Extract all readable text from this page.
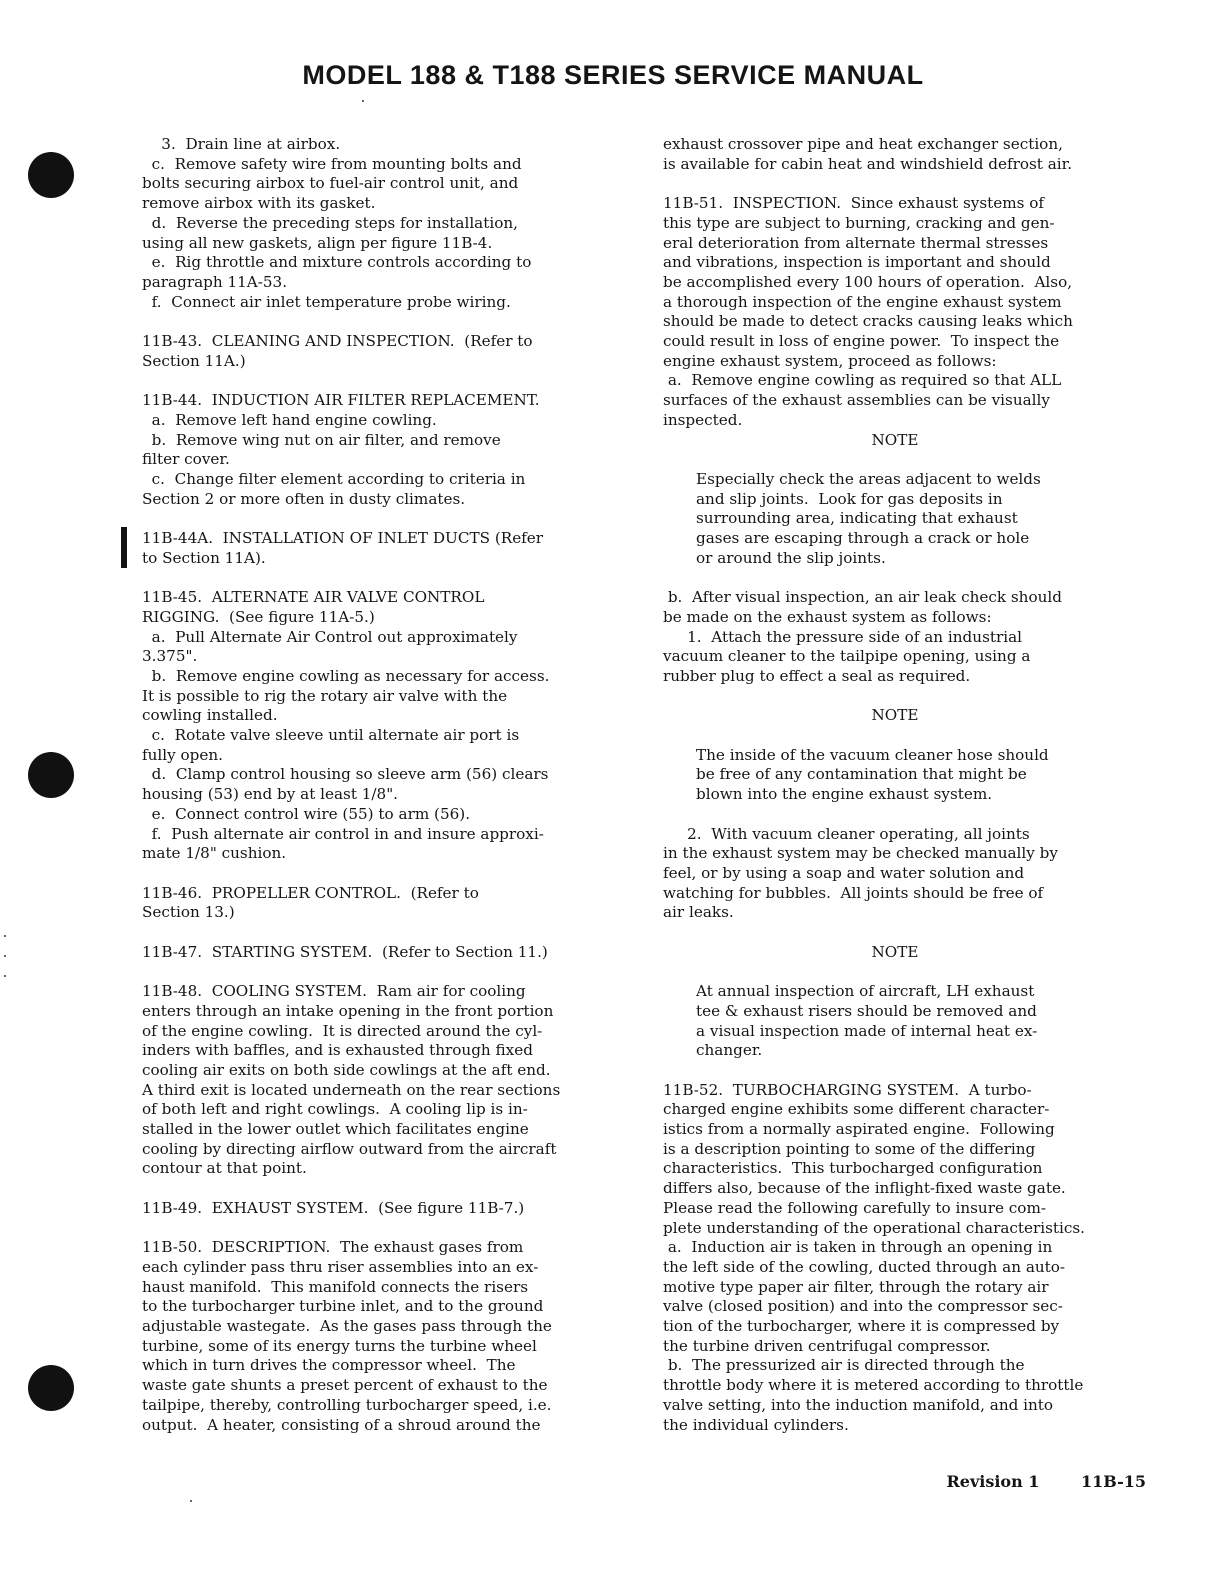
MODEL 188 & T188 SERIES SERVICE MANUAL
3.  Drain line at airbox.
c.  Remove safety wire from mounting bolts and
bolts securing airbox to fuel-air control unit, and
remove airbox with its gasket.
d.  Reverse the preceding steps for installation,
using all new gaskets, align per figure 11B-4.
e.  Rig throttle and mixture controls according to
paragraph 11A-53.
f.  Connect air inlet temperature probe wiring.
11B-43.  CLEANING AND INSPECTION.  (Refer to
Section 11A.)
11B-44.  INDUCTION AIR FILTER REPLACEMENT.
a.  Remove left hand engine cowling.
b.  Remove wing nut on air filter, and remove
filter cover.
c.  Change filter element according to criteria in
Section 2 or more often in dusty climates.
11B-44A.  INSTALLATION OF INLET DUCTS (Refer
to Section 11A).
11B-45.  ALTERNATE AIR VALVE CONTROL
RIGGING.  (See figure 11A-5.)
a.  Pull Alternate Air Control out approximately
3.375".
b.  Remove engine cowling as necessary for access.
It is possible to rig the rotary air valve with the
cowling installed.
c.  Rotate valve sleeve until alternate air port is
fully open.
d.  Clamp control housing so sleeve arm (56) clears
housing (53) end by at least 1/8".
e.  Connect control wire (55) to arm (56).
f.  Push alternate air control in and insure approxi-
mate 1/8" cushion.
11B-46.  PROPELLER CONTROL.  (Refer to
Section 13.)
11B-47.  STARTING SYSTEM.  (Refer to Section 11.)
11B-48.  COOLING SYSTEM.  Ram air for cooling
enters through an intake opening in the front portion
of the engine cowling.  It is directed around the cyl-
inders with baffles, and is exhausted through fixed
cooling air exits on both side cowlings at the aft end.
A third exit is located underneath on the rear sections
of both left and right cowlings.  A cooling lip is in-
stalled in the lower outlet which facilitates engine
cooling by directing airflow outward from the aircraft
contour at that point.
11B-49.  EXHAUST SYSTEM.  (See figure 11B-7.)
11B-50.  DESCRIPTION.  The exhaust gases from
each cylinder pass thru riser assemblies into an ex-
haust manifold.  This manifold connects the risers
to the turbocharger turbine inlet, and to the ground
adjustable wastegate.  As the gases pass through the
turbine, some of its energy turns the turbine wheel
which in turn drives the compressor wheel.  The
waste gate shunts a preset percent of exhaust to the
tailpipe, thereby, controlling turbocharger speed, i.e.
output.  A heater, consisting of a shroud around the
exhaust crossover pipe and heat exchanger section,
is available for cabin heat and windshield defrost air.
11B-51.  INSPECTION.  Since exhaust systems of
this type are subject to burning, cracking and gen-
eral deterioration from alternate thermal stresses
and vibrations, inspection is important and should
be accomplished every 100 hours of operation.  Also,
a thorough inspection of the engine exhaust system
should be made to detect cracks causing leaks which
could result in loss of engine power.  To inspect the
engine exhaust system, proceed as follows:
a.  Remove engine cowling as required so that ALL
surfaces of the exhaust assemblies can be visually
inspected.
NOTE
Especially check the areas adjacent to welds
and slip joints.  Look for gas deposits in
surrounding area, indicating that exhaust
gases are escaping through a crack or hole
or around the slip joints.
b.  After visual inspection, an air leak check should
be made on the exhaust system as follows:
1.  Attach the pressure side of an industrial
vacuum cleaner to the tailpipe opening, using a
rubber plug to effect a seal as required.
NOTE
The inside of the vacuum cleaner hose should
be free of any contamination that might be
blown into the engine exhaust system.
2.  With vacuum cleaner operating, all joints
in the exhaust system may be checked manually by
feel, or by using a soap and water solution and
watching for bubbles.  All joints should be free of
air leaks.
NOTE
At annual inspection of aircraft, LH exhaust
tee & exhaust risers should be removed and
a visual inspection made of internal heat ex-
changer.
11B-52.  TURBOCHARGING SYSTEM.  A turbo-
charged engine exhibits some different character-
istics from a normally aspirated engine.  Following
is a description pointing to some of the differing
characteristics.  This turbocharged configuration
differs also, because of the inflight-fixed waste gate.
Please read the following carefully to insure com-
plete understanding of the operational characteristics.
a.  Induction air is taken in through an opening in
the left side of the cowling, ducted through an auto-
motive type paper air filter, through the rotary air
valve (closed position) and into the compressor sec-
tion of the turbocharger, where it is compressed by
the turbine driven centrifugal compressor.
b.  The pressurized air is directed through the
throttle body where it is metered according to throttle
valve setting, into the induction manifold, and into
the individual cylinders.
Revision 1	11B-15
